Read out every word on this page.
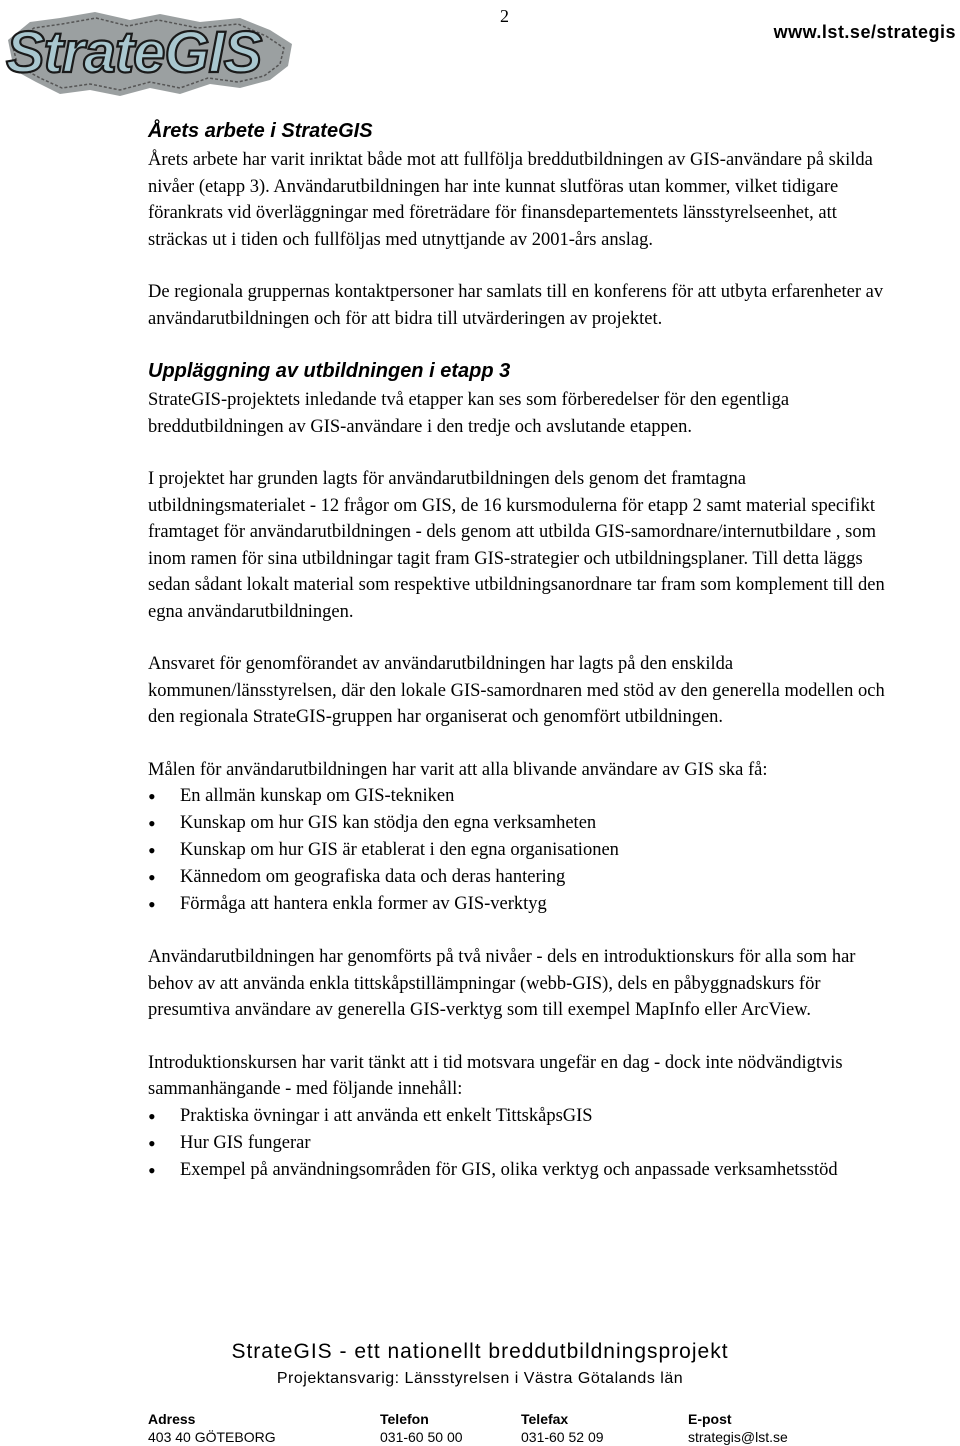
StrateGIS
2
www.lst.se/strategis
Årets arbete i StrateGIS

Årets arbete har varit inriktat både mot att fullfölja breddutbildningen av GIS-användare på skilda nivåer (etapp 3). Användarutbildningen har inte kunnat slutföras utan kommer, vilket tidigare förankrats vid överläggningar med företrädare för finansdepartementets länsstyrelseenhet, att sträckas ut i tiden och fullföljas med utnyttjande av 2001-års anslag.

De regionala gruppernas kontaktpersoner har samlats till en konferens för att utbyta erfarenheter av användarutbildningen och för att bidra till utvärderingen av projektet.

Uppläggning av utbildningen i etapp 3

StrateGIS-projektets inledande två etapper kan ses som förberedelser för den egentliga breddutbildningen av GIS-användare i den tredje och avslutande etappen.

I projektet har grunden lagts för användarutbildningen dels genom det framtagna utbildningsmaterialet - 12 frågor om GIS, de 16 kursmodulerna för etapp 2 samt material specifikt framtaget för användarutbildningen - dels genom att utbilda GIS-samordnare/internutbildare , som inom ramen för sina utbildningar tagit fram GIS-strategier och utbildningsplaner. Till detta läggs sedan sådant lokalt material som respektive utbildningsanordnare tar fram som komplement till den egna användarutbildningen.

Ansvaret för genomförandet av användarutbildningen har lagts på den enskilda kommunen/länsstyrelsen, där den lokale GIS-samordnaren med stöd av den generella modellen och den regionala StrateGIS-gruppen har organiserat och genomfört utbildningen.

Målen för användarutbildningen har varit att alla blivande användare av GIS ska få:

• En allmän kunskap om GIS-tekniken
• Kunskap om hur GIS kan stödja den egna verksamheten
• Kunskap om hur GIS är etablerat i den egna organisationen
• Kännedom om geografiska data och deras hantering
• Förmåga att hantera enkla former av GIS-verktyg

Användarutbildningen har genomförts på två nivåer - dels en introduktionskurs för alla som har behov av att använda enkla tittskåpstillämpningar (webb-GIS), dels en påbyggnadskurs för presumtiva användare av generella GIS-verktyg som till exempel MapInfo eller ArcView.

Introduktionskursen har varit tänkt att i tid motsvara ungefär en dag - dock inte nödvändigtvis sammanhängande - med följande innehåll:

• Praktiska övningar i att använda ett enkelt TittskåpsGIS
• Hur GIS fungerar
• Exempel på användningsområden för GIS, olika verktyg och anpassade verksamhetsstöd
StrateGIS - ett nationellt breddutbildningsprojekt
Projektansvarig: Länsstyrelsen i Västra Götalands län
Adress
403 40 GÖTEBORG
Telefon
031-60 50 00
Telefax
031-60 52 09
E-post
strategis@lst.se
